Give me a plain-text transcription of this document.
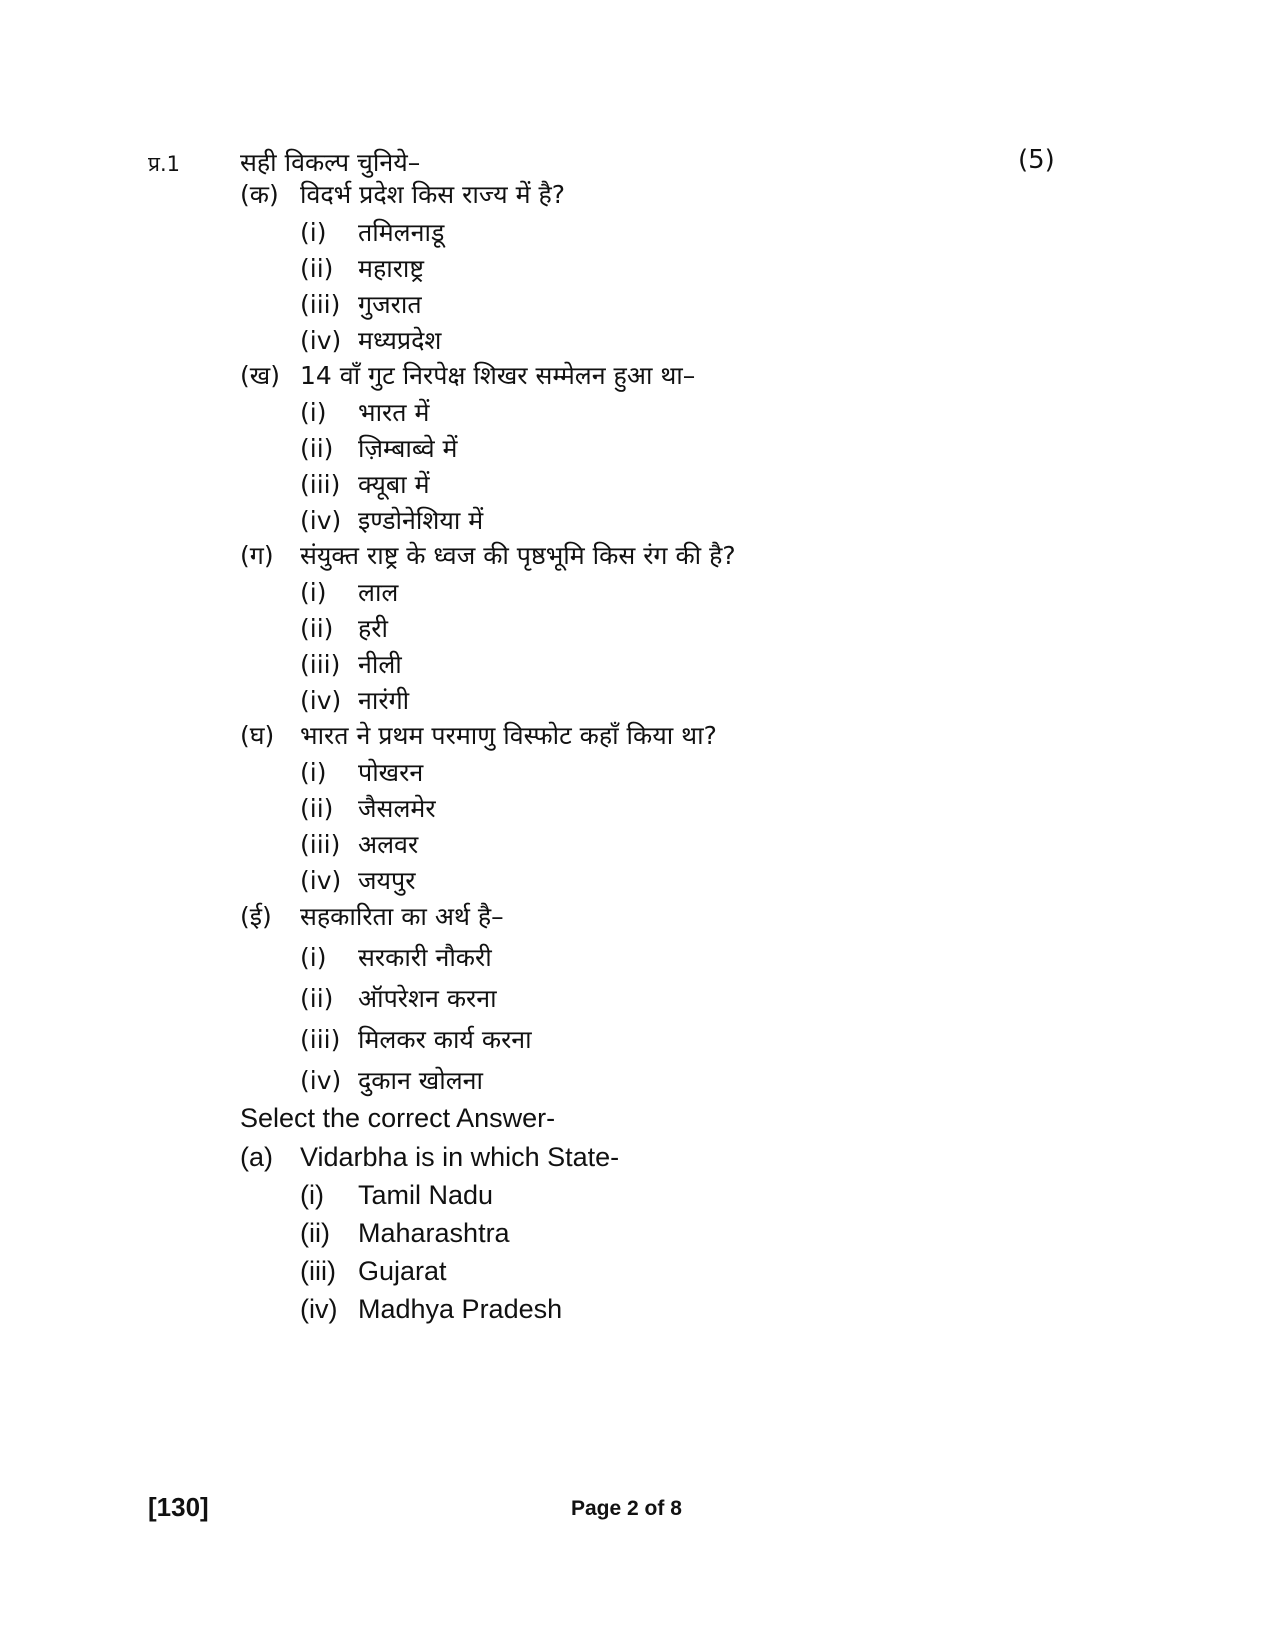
प्र.1 सही विकल्प चुनिये–	(5)
(क) विदर्भ प्रदेश किस राज्य में है?
(i) तमिलनाडू
(ii) महाराष्ट्र
(iii) गुजरात
(iv) मध्यप्रदेश
(ख) 14 वाँ गुट निरपेक्ष शिखर सम्मेलन हुआ था–
(i) भारत में
(ii) ज़िम्बाब्वे में
(iii) क्यूबा में
(iv) इण्डोनेशिया में
(ग) संयुक्त राष्ट्र के ध्वज की पृष्ठभूमि किस रंग की है?
(i) लाल
(ii) हरी
(iii) नीली
(iv) नारंगी
(घ) भारत ने प्रथम परमाणु विस्फोट कहाँ किया था?
(i) पोखरन
(ii) जैसलमेर
(iii) अलवर
(iv) जयपुर
(ई) सहकारिता का अर्थ है–
(i) सरकारी नौकरी
(ii) ऑपरेशन करना
(iii) मिलकर कार्य करना
(iv) दुकान खोलना
Select the correct Answer-
(a) Vidarbha is in which State-
(i) Tamil Nadu
(ii) Maharashtra
(iii) Gujarat
(iv) Madhya Pradesh
[130]	Page 2 of 8
